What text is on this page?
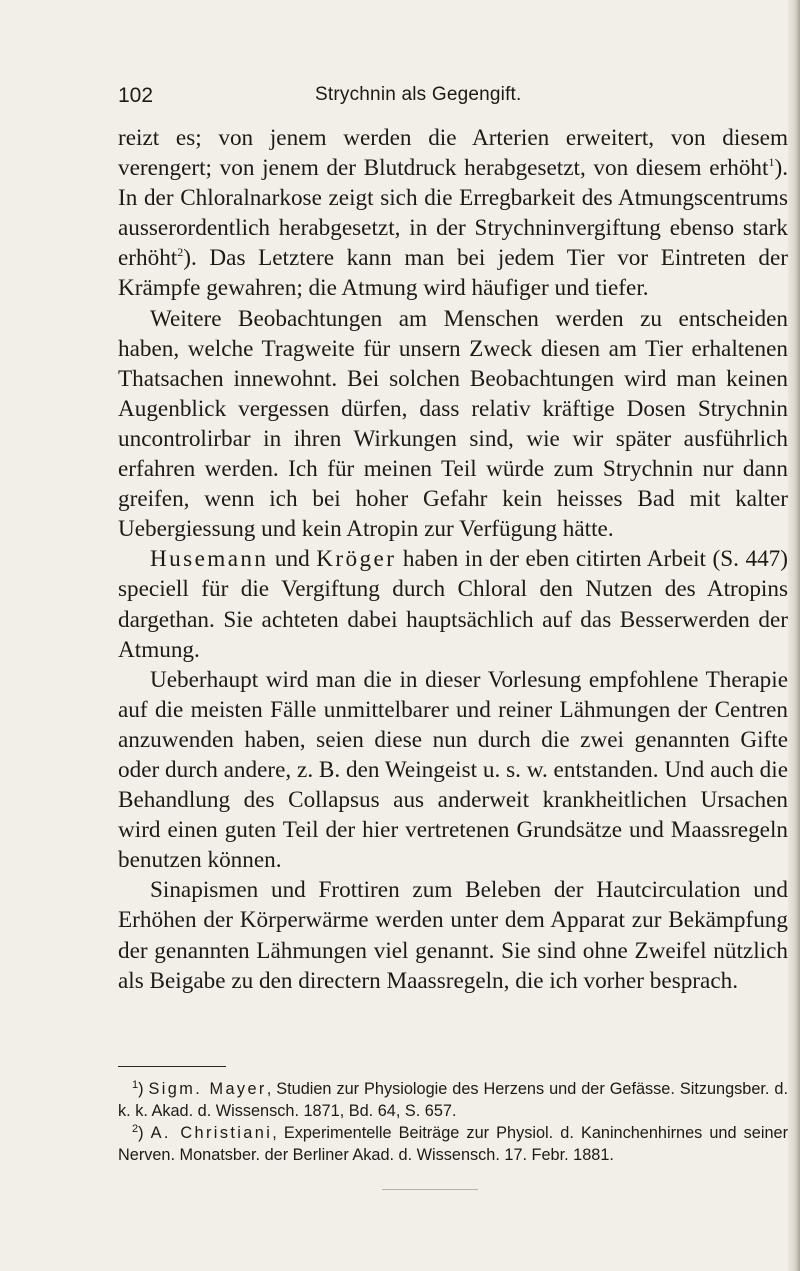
102	Strychnin als Gegengift.

reizt es; von jenem werden die Arterien erweitert, von diesem verengert; von jenem der Blutdruck herabgesetzt, von diesem erhöht$^1$). In der Chloralnarkose zeigt sich die Erregbarkeit des Atmungscentrums ausserordentlich herabgesetzt, in der Strychninvergiftung ebenso stark erhöht$^2$). Das Letztere kann man bei jedem Tier vor Eintreten der Krämpfe gewahren; die Atmung wird häufiger und tiefer.

Weitere Beobachtungen am Menschen werden zu entscheiden haben, welche Tragweite für unsern Zweck diesen am Tier erhaltenen Thatsachen innewohnt. Bei solchen Beobachtungen wird man keinen Augenblick vergessen dürfen, dass relativ kräftige Dosen Strychnin uncontrolirbar in ihren Wirkungen sind, wie wir später ausführlich erfahren werden. Ich für meinen Teil würde zum Strychnin nur dann greifen, wenn ich bei hoher Gefahr kein heisses Bad mit kalter Uebergiessung und kein Atropin zur Verfügung hätte.

Husemann und Kröger haben in der eben citirten Arbeit (S. 447) speciell für die Vergiftung durch Chloral den Nutzen des Atropins dargethan. Sie achteten dabei hauptsächlich auf das Besserwerden der Atmung.

Ueberhaupt wird man die in dieser Vorlesung empfohlene Therapie auf die meisten Fälle unmittelbarer und reiner Lähmungen der Centren anzuwenden haben, seien diese nun durch die zwei genannten Gifte oder durch andere, z. B. den Weingeist u. s. w. entstanden. Und auch die Behandlung des Collapsus aus anderweit krankheitlichen Ursachen wird einen guten Teil der hier vertretenen Grundsätze und Maassregeln benutzen können.

Sinapismen und Frottiren zum Beleben der Hautcirculation und Erhöhen der Körperwärme werden unter dem Apparat zur Bekämpfung der genannten Lähmungen viel genannt. Sie sind ohne Zweifel nützlich als Beigabe zu den directern Maassregeln, die ich vorher besprach.

$^1$) Sigm. Mayer, Studien zur Physiologie des Herzens und der Gefässe. Sitzungsber. d. k. k. Akad. d. Wissensch. 1871, Bd. 64, S. 657.

$^2$) A. Christiani, Experimentelle Beiträge zur Physiol. d. Kaninchenhirnes und seiner Nerven. Monatsber. der Berliner Akad. d. Wissensch. 17. Febr. 1881.
